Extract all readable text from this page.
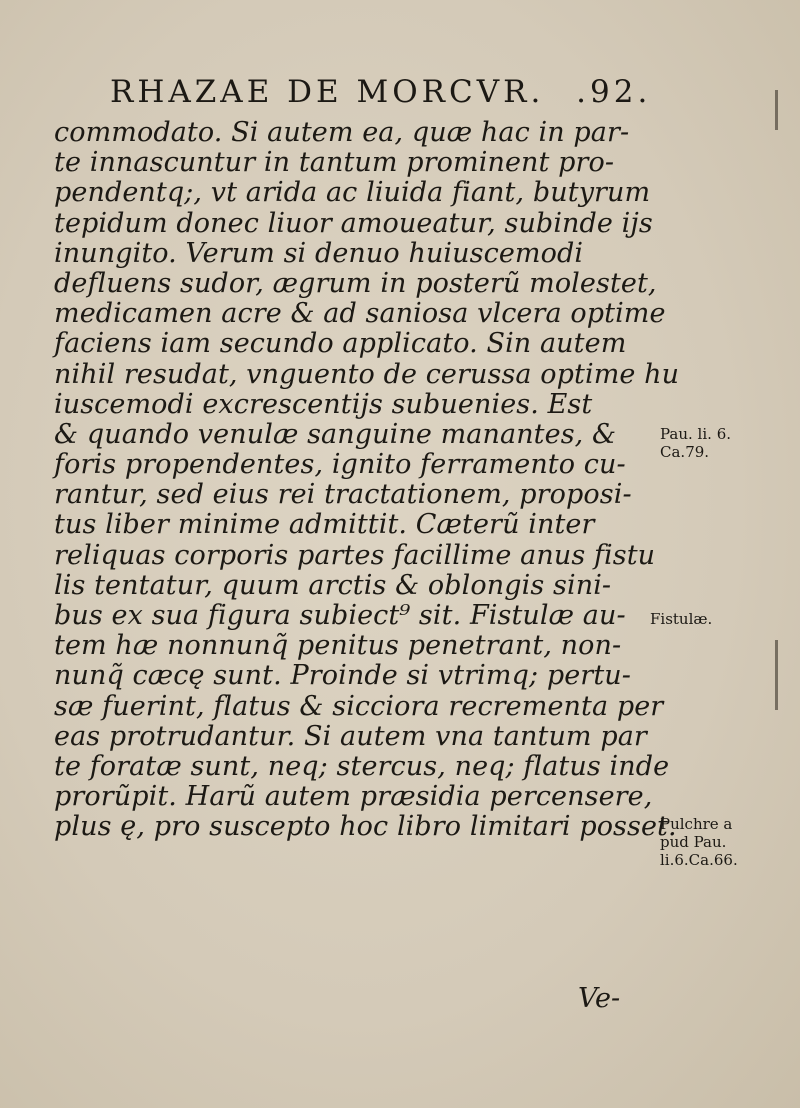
RHAZAE DE MORCVR. .92.
commodato. Si autem ea, quæ hac in par-
te innascuntur in tantum prominent pro-
pendentq;, vt arida ac liuida fiant, butyrum
tepidum donec liuor amoueatur, subinde ijs
inungito. Verum si denuo huiuscemodi
defluens sudor, ægrum in posterũ molestet,
medicamen acre & ad saniosa vlcera optime
faciens iam secundo applicato. Sin autem
nihil resudat, vnguento de cerussa optime hu
iuscemodi excrescentijs subuenies. Est
& quando venulæ sanguine manantes, &
foris propendentes, ignito ferramento cu-
rantur, sed eius rei tractationem, proposi-
tus liber minime admittit. Cæterũ inter
reliquas corporis partes facillime anus fistu
lis tentatur, quum arctis & oblongis sini-
bus ex sua figura subiect⁹ sit. Fistulæ au-
tem hæ nonnunq̃ penitus penetrant, non-
nunq̃ cæcę sunt. Proinde si vtrimq; pertu-
sæ fuerint, flatus & sicciora recrementa per
eas protrudantur. Si autem vna tantum par
te foratæ sunt, neq; stercus, neq; flatus inde
prorũpit. Harũ autem præsidia percensere,
plus ę, pro suscepto hoc libro limitari posset.
Ve-
Pau. li. 6.
Ca.79.
Fistulæ.
Pulchre a
pud Pau.
li.6.Ca.66.
